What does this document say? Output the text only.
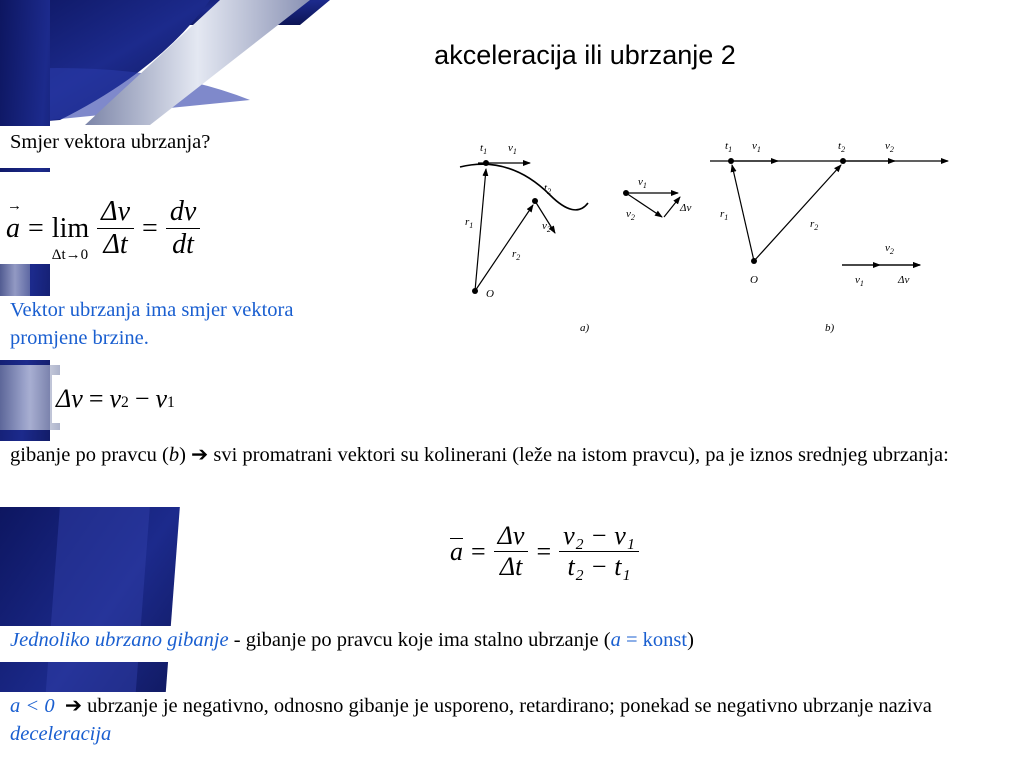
akceleracija ili ubrzanje 2
Smjer vektora ubrzanja?
→ a = lim
$\Delta t\to 0 \frac{\Delta v}{\Delta t} = \frac{dv}{dt}$
Vektor ubrzanja ima smjer vektora promjene brzine.
Δv = v 2 − v 1
gibanje po pravcu (b) ➔ svi promatrani vektori su kolinerani (leže na istom pravcu), pa je iznos srednjeg ubrzanja:
$a = \frac{\Delta v}{\Delta t} = \frac{\text{v₂ − v₁}}{\text{t₂ − t₁}}$
Jednoliko ubrzano gibanje - gibanje po pravcu koje ima stalno ubrzanje (a = konst)
a < 0 ➔ ubrzanje je negativno, odnosno gibanje je usporeno, retardirano; ponekad se negativno ubrzanje naziva deceleracija
$t_1$ $v_1$
$t_2$
$v_2$
$r_1$
$r_2$
O
$v_1$
$v_2$
Δv
a)
$t_1$ $v_1$	$t_2$	$v_2$
$r_1$
$r_2$
O
$v_2$
$v_1$	Δv
b)
